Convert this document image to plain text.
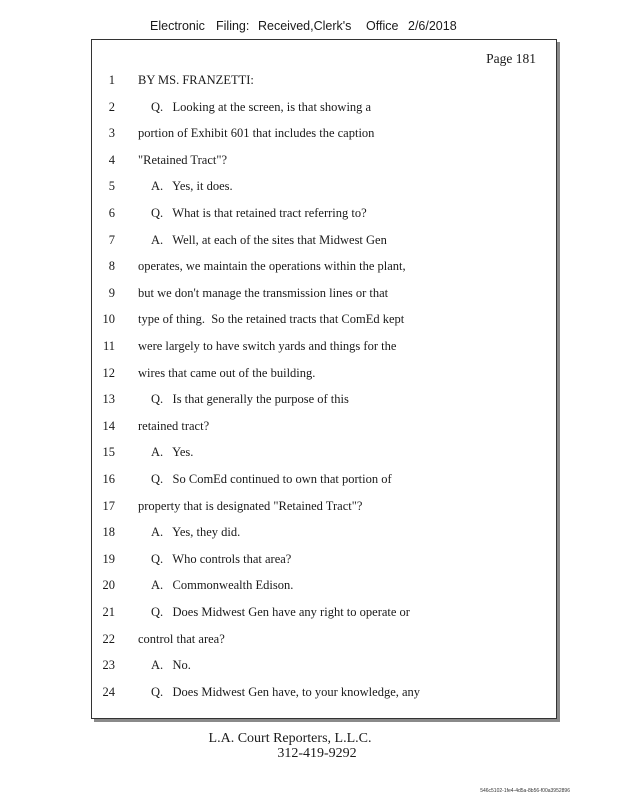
Electronic Filing: Received,Clerk's Office 2/6/2018
Page 181
1 BY MS. FRANZETTI:
2	Q.   Looking at the screen, is that showing a
3 portion of Exhibit 601 that includes the caption
4 "Retained Tract"?
5	A.   Yes, it does.
6	Q.   What is that retained tract referring to?
7	A.   Well, at each of the sites that Midwest Gen
8 operates, we maintain the operations within the plant,
9 but we don't manage the transmission lines or that
10 type of thing.  So the retained tracts that ComEd kept
11 were largely to have switch yards and things for the
12 wires that came out of the building.
13	Q.   Is that generally the purpose of this
14 retained tract?
15	A.   Yes.
16	Q.   So ComEd continued to own that portion of
17 property that is designated "Retained Tract"?
18	A.   Yes, they did.
19	Q.   Who controls that area?
20	A.   Commonwealth Edison.
21	Q.   Does Midwest Gen have any right to operate or
22 control that area?
23	A.   No.
24	Q.   Does Midwest Gen have, to your knowledge, any
L.A. Court Reporters, L.L.C.
312-419-9292
546c5102-1fe4-4d5a-8b56-f00a3952896
